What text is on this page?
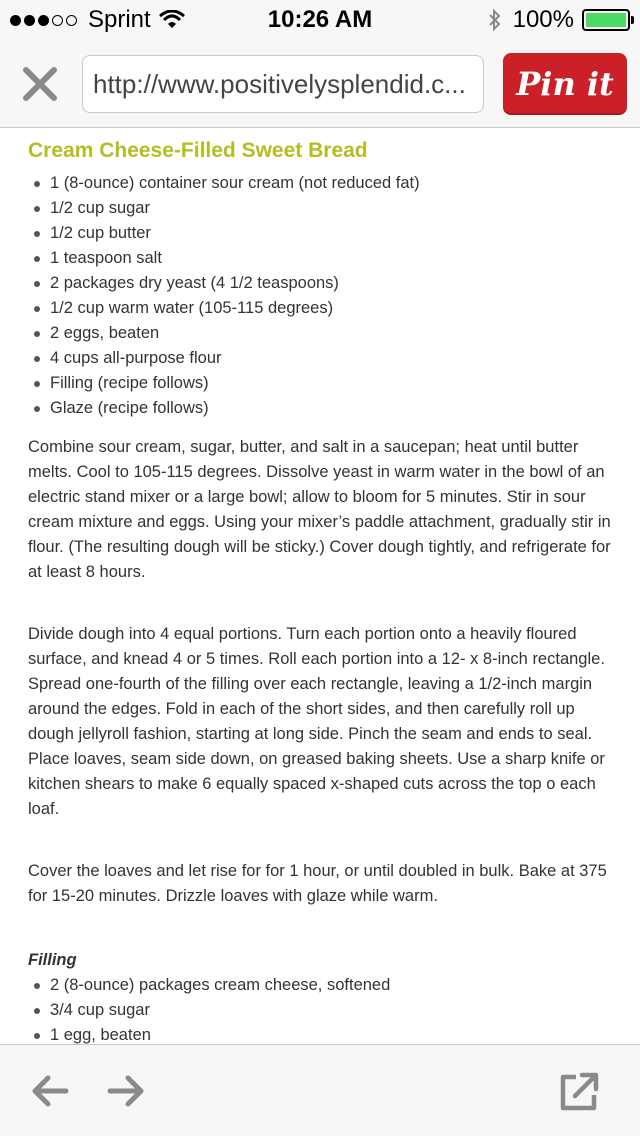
Sprint	10:26 AM	100%
http://www.positivelysplendid.c...	Pin it
Cream Cheese-Filled Sweet Bread
1 (8-ounce) container sour cream (not reduced fat)
1/2 cup sugar
1/2 cup butter
1 teaspoon salt
2 packages dry yeast (4 1/2 teaspoons)
1/2 cup warm water (105-115 degrees)
2 eggs, beaten
4 cups all-purpose flour
Filling (recipe follows)
Glaze (recipe follows)

Combine sour cream, sugar, butter, and salt in a saucepan; heat until butter melts. Cool to 105-115 degrees. Dissolve yeast in warm water in the bowl of an electric stand mixer or a large bowl; allow to bloom for 5 minutes. Stir in sour cream mixture and eggs. Using your mixer’s paddle attachment, gradually stir in flour. (The resulting dough will be sticky.) Cover dough tightly, and refrigerate for at least 8 hours.

Divide dough into 4 equal portions. Turn each portion onto a heavily floured surface, and knead 4 or 5 times. Roll each portion into a 12- x 8-inch rectangle. Spread one-fourth of the filling over each rectangle, leaving a 1/2-inch margin around the edges. Fold in each of the short sides, and then carefully roll up dough jellyroll fashion, starting at long side. Pinch the seam and ends to seal. Place loaves, seam side down, on greased baking sheets. Use a sharp knife or kitchen shears to make 6 equally spaced x-shaped cuts across the top o each loaf.

Cover the loaves and let rise for for 1 hour, or until doubled in bulk. Bake at 375 for 15-20 minutes. Drizzle loaves with glaze while warm.

Filling
2 (8-ounce) packages cream cheese, softened
3/4 cup sugar
1 egg, beaten
